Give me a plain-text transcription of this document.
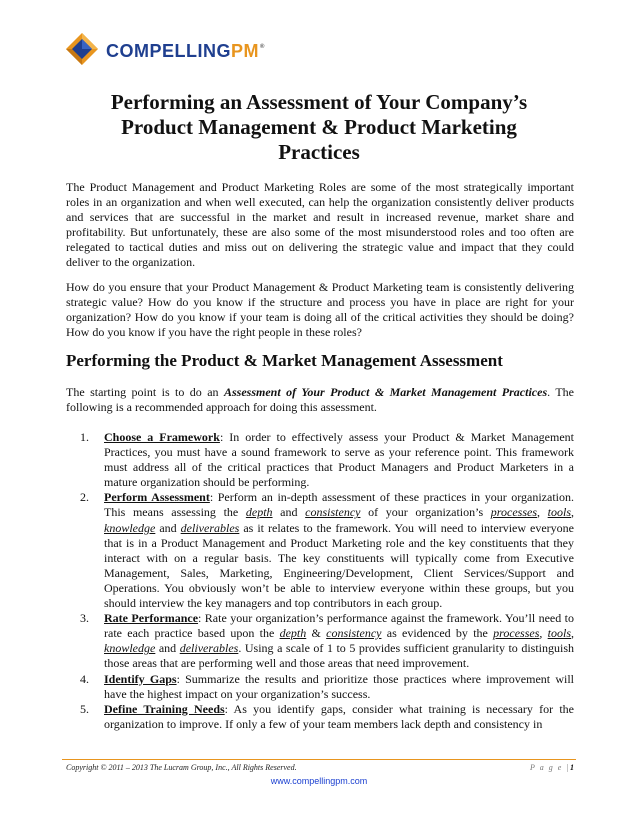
COMPELLINGPM®
Performing an Assessment of Your Company’s Product Management & Product Marketing Practices

The Product Management and Product Marketing Roles are some of the most strategically important roles in an organization and when well executed, can help the organization consistently deliver products and services that are successful in the market and result in increased revenue, market share and profitability. But unfortunately, these are also some of the most misunderstood roles and too often are relegated to tactical duties and miss out on delivering the strategic value and impact that they could deliver to the organization.

How do you ensure that your Product Management & Product Marketing team is consistently delivering strategic value? How do you know if the structure and process you have in place are right for your organization? How do you know if your team is doing all of the critical activities they should be doing? How do you know if you have the right people in these roles?

Performing the Product & Market Management Assessment

The starting point is to do an Assessment of Your Product & Market Management Practices. The following is a recommended approach for doing this assessment.

1. Choose a Framework: In order to effectively assess your Product & Market Management Practices, you must have a sound framework to serve as your reference point. This framework must address all of the critical practices that Product Managers and Product Marketers in a mature organization should be performing.
2. Perform Assessment: Perform an in-depth assessment of these practices in your organization. This means assessing the depth and consistency of your organization’s processes, tools, knowledge and deliverables as it relates to the framework. You will need to interview everyone that is in a Product Management and Product Marketing role and the key constituents that they interact with on a regular basis. The key constituents will typically come from Executive Management, Sales, Marketing, Engineering/Development, Client Services/Support and Operations. You obviously won’t be able to interview everyone within these groups, but you should interview the key managers and top contributors in each group.
3. Rate Performance: Rate your organization’s performance against the framework. You’ll need to rate each practice based upon the depth & consistency as evidenced by the processes, tools, knowledge and deliverables. Using a scale of 1 to 5 provides sufficient granularity to distinguish those areas that are performing well and those areas that need improvement.
4. Identify Gaps: Summarize the results and prioritize those practices where improvement will have the highest impact on your organization’s success.
5. Define Training Needs: As you identify gaps, consider what training is necessary for the organization to improve. If only a few of your team members lack depth and consistency in
Copyright © 2011 – 2013 The Lucram Group, Inc., All Rights Reserved.	P a g e |1
www.compellingpm.com
